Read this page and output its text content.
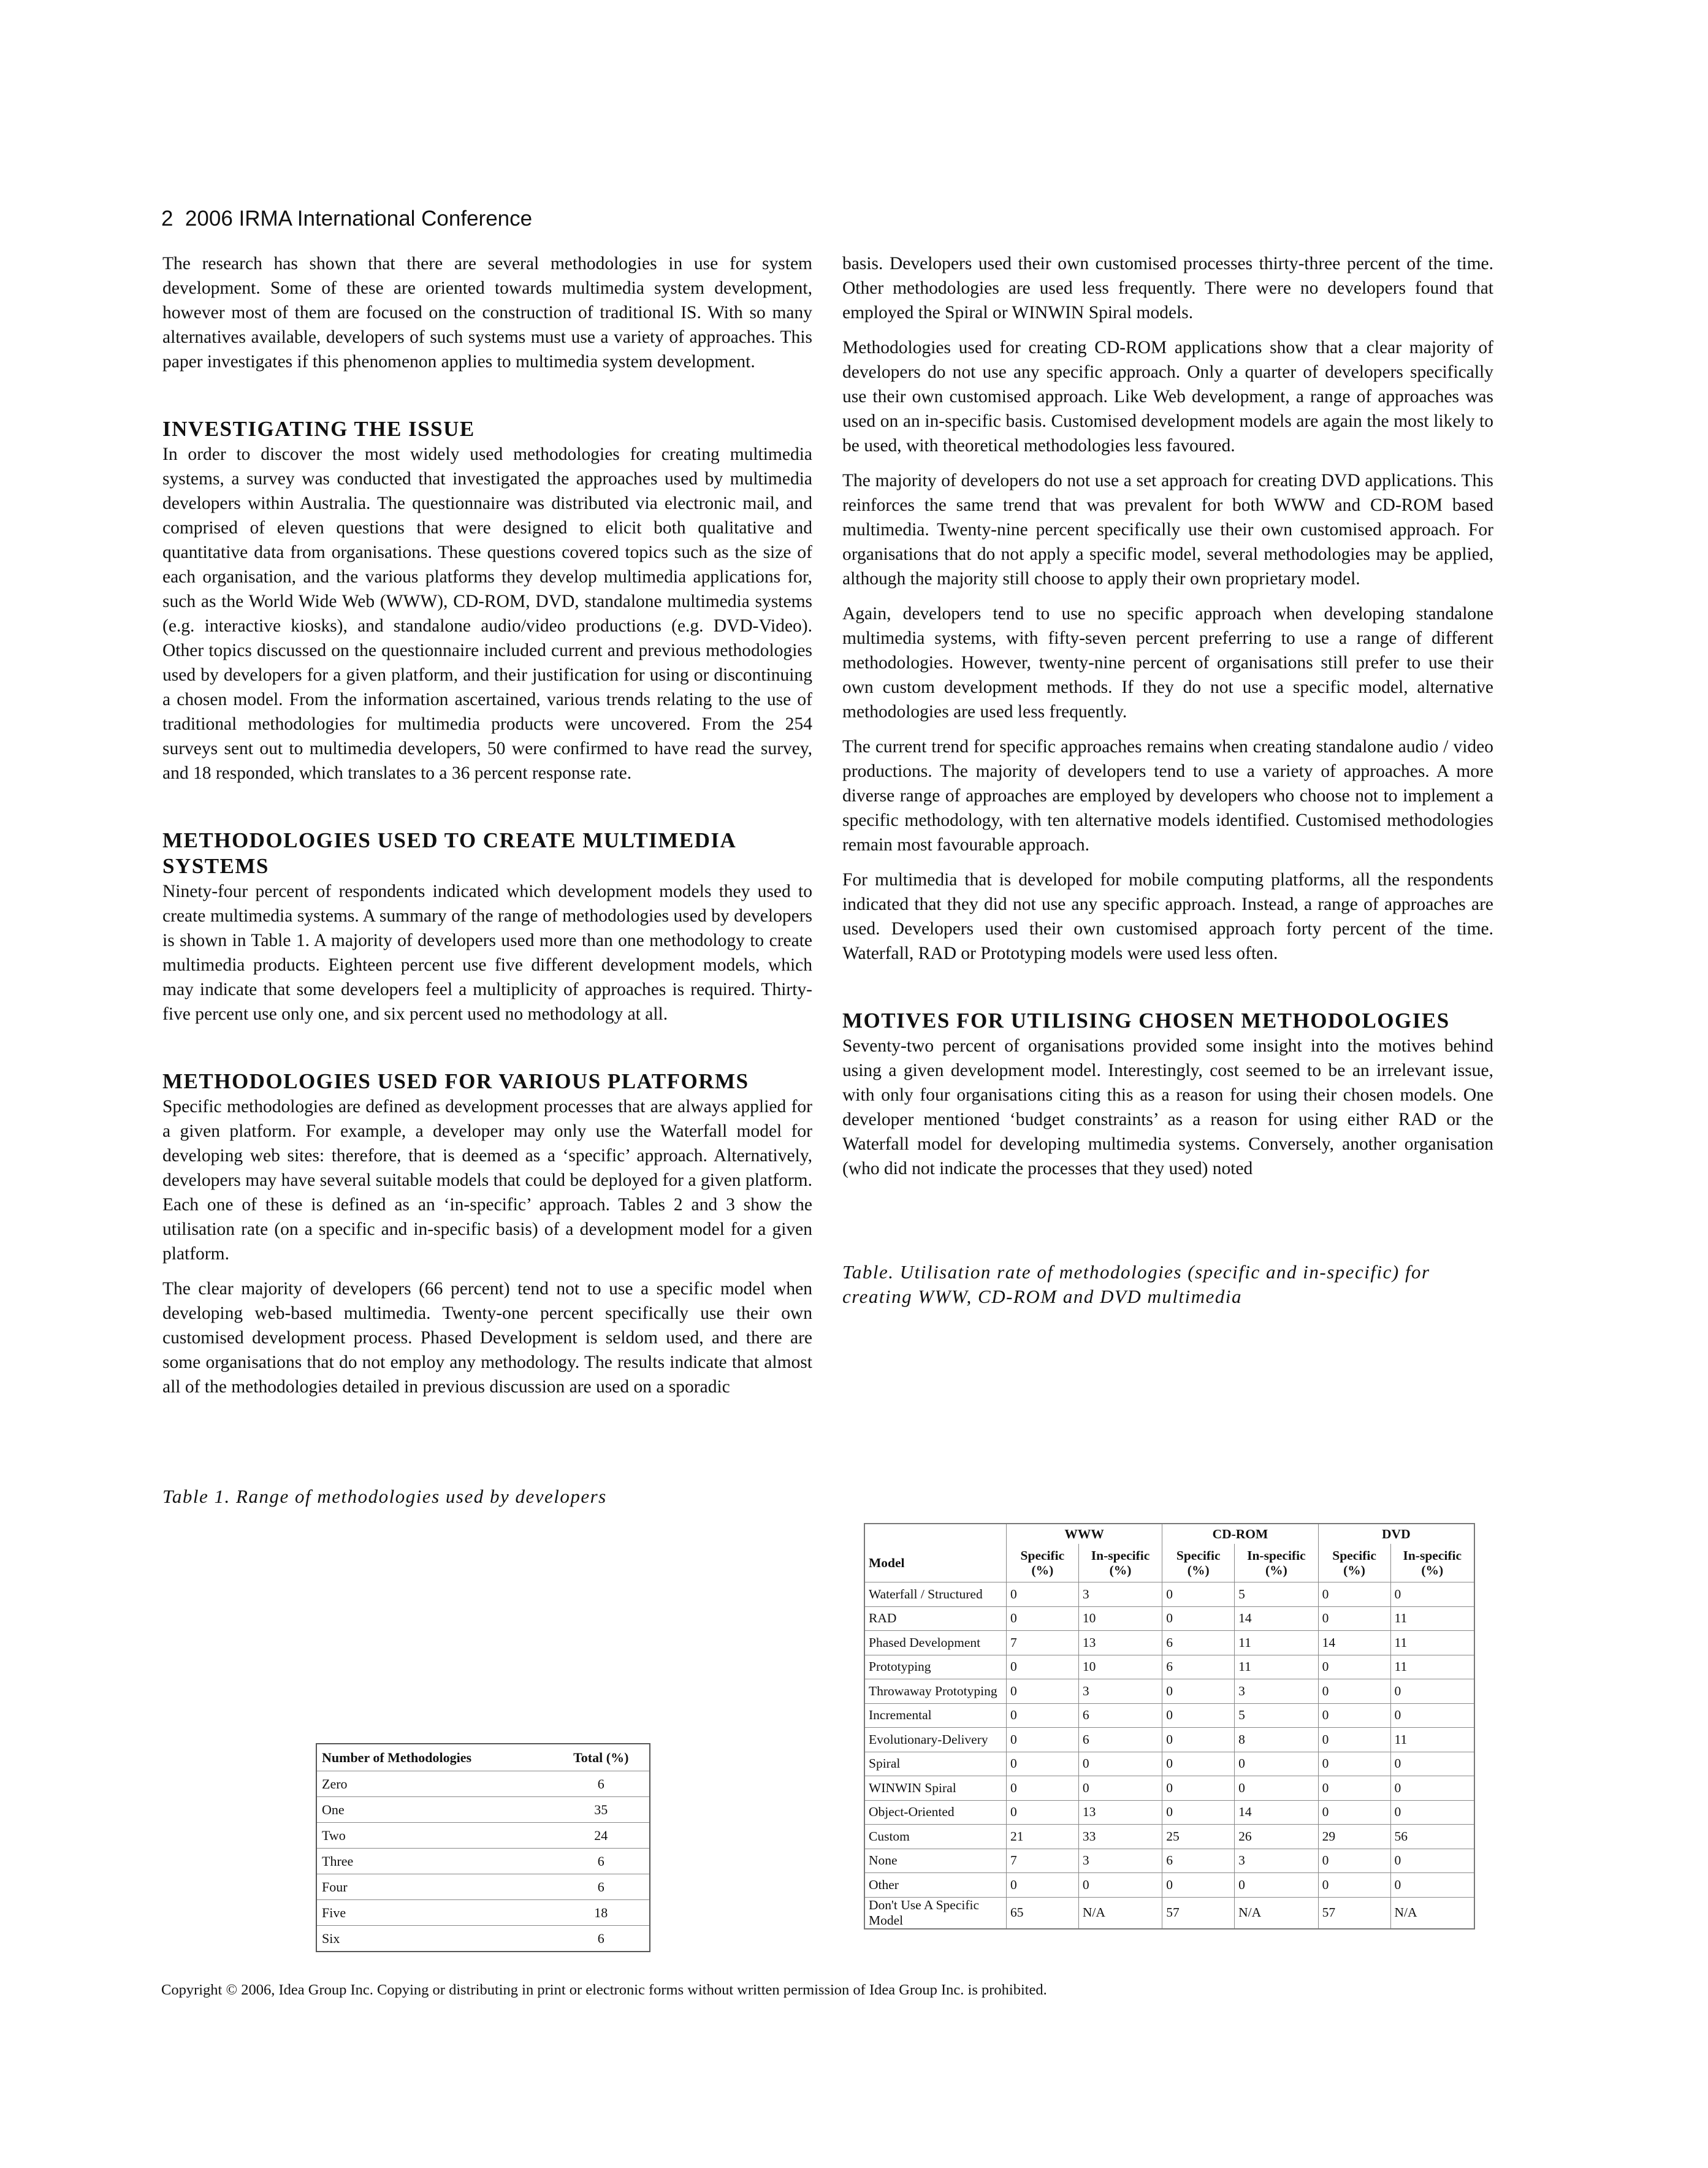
2 2006 IRMA International Conference

The research has shown that there are several methodologies in use for system development. Some of these are oriented towards multimedia system development, however most of them are focused on the construction of traditional IS. With so many alternatives available, developers of such systems must use a variety of approaches. This paper investigates if this phenomenon applies to multimedia system development.

INVESTIGATING THE ISSUE

In order to discover the most widely used methodologies for creating multimedia systems, a survey was conducted that investigated the approaches used by multimedia developers within Australia. The questionnaire was distributed via electronic mail, and comprised of eleven questions that were designed to elicit both qualitative and quantitative data from organisations. These questions covered topics such as the size of each organisation, and the various platforms they develop multimedia applications for, such as the World Wide Web (WWW), CD-ROM, DVD, standalone multimedia systems (e.g. interactive kiosks), and standalone audio/video productions (e.g. DVD-Video). Other topics discussed on the questionnaire included current and previous methodologies used by developers for a given platform, and their justification for using or discontinuing a chosen model. From the information ascertained, various trends relating to the use of traditional methodologies for multimedia products were uncovered. From the 254 surveys sent out to multimedia developers, 50 were confirmed to have read the survey, and 18 responded, which translates to a 36 percent response rate.

METHODOLOGIES USED TO CREATE MULTIMEDIA SYSTEMS

Ninety-four percent of respondents indicated which development models they used to create multimedia systems. A summary of the range of methodologies used by developers is shown in Table 1. A majority of developers used more than one methodology to create multimedia products. Eighteen percent use five different development models, which may indicate that some developers feel a multiplicity of approaches is required. Thirty-five percent use only one, and six percent used no methodology at all.

METHODOLOGIES USED FOR VARIOUS PLATFORMS

Specific methodologies are defined as development processes that are always applied for a given platform. For example, a developer may only use the Waterfall model for developing web sites: therefore, that is deemed as a ‘specific’ approach. Alternatively, developers may have several suitable models that could be deployed for a given platform. Each one of these is defined as an ‘in-specific’ approach. Tables 2 and 3 show the utilisation rate (on a specific and in-specific basis) of a development model for a given platform.

The clear majority of developers (66 percent) tend not to use a specific model when developing web-based multimedia. Twenty-one percent specifically use their own customised development process. Phased Development is seldom used, and there are some organisations that do not employ any methodology. The results indicate that almost all of the methodologies detailed in previous discussion are used on a sporadic

Table 1. Range of methodologies used by developers

Number of Methodologies	Total (%)
Zero	6
One	35
Two	24
Three	6
Four	6
Five	18
Six	6

basis. Developers used their own customised processes thirty-three percent of the time. Other methodologies are used less frequently. There were no developers found that employed the Spiral or WINWIN Spiral models.

Methodologies used for creating CD-ROM applications show that a clear majority of developers do not use any specific approach. Only a quarter of developers specifically use their own customised approach. Like Web development, a range of approaches was used on an in-specific basis. Customised development models are again the most likely to be used, with theoretical methodologies less favoured.

The majority of developers do not use a set approach for creating DVD applications. This reinforces the same trend that was prevalent for both WWW and CD-ROM based multimedia. Twenty-nine percent specifically use their own customised approach. For organisations that do not apply a specific model, several methodologies may be applied, although the majority still choose to apply their own proprietary model.

Again, developers tend to use no specific approach when developing standalone multimedia systems, with fifty-seven percent preferring to use a range of different methodologies. However, twenty-nine percent of organisations still prefer to use their own custom development methods. If they do not use a specific model, alternative methodologies are used less frequently.

The current trend for specific approaches remains when creating standalone audio / video productions. The majority of developers tend to use a variety of approaches. A more diverse range of approaches are employed by developers who choose not to implement a specific methodology, with ten alternative models identified. Customised methodologies remain most favourable approach.

For multimedia that is developed for mobile computing platforms, all the respondents indicated that they did not use any specific approach. Instead, a range of approaches are used. Developers used their own customised approach forty percent of the time. Waterfall, RAD or Prototyping models were used less often.

MOTIVES FOR UTILISING CHOSEN METHODOLOGIES

Seventy-two percent of organisations provided some insight into the motives behind using a given development model. Interestingly, cost seemed to be an irrelevant issue, with only four organisations citing this as a reason for using their chosen models. One developer mentioned ‘budget constraints’ as a reason for using either RAD or the Waterfall model for developing multimedia systems. Conversely, another organisation (who did not indicate the processes that they used) noted

Table. Utilisation rate of methodologies (specific and in-specific) for creating WWW, CD-ROM and DVD multimedia

	WWW		CD-ROM		DVD	
Model	Specific (%)	In-specific (%)	Specific (%)	In-specific (%)	Specific (%)	In-specific (%)
Waterfall / Structured	0	3	0	5	0	0
RAD	0	10	0	14	0	11
Phased Development	7	13	6	11	14	11
Prototyping	0	10	6	11	0	11
Throwaway Prototyping	0	3	0	3	0	0
Incremental	0	6	0	5	0	0
Evolutionary-Delivery	0	6	0	8	0	11
Spiral	0	0	0	0	0	0
WINWIN Spiral	0	0	0	0	0	0
Object-Oriented	0	13	0	14	0	0
Custom	21	33	25	26	29	56
None	7	3	6	3	0	0
Other	0	0	0	0	0	0
Don't Use A Specific Model	65	N/A	57	N/A	57	N/A
Copyright © 2006, Idea Group Inc. Copying or distributing in print or electronic forms without written permission of Idea Group Inc. is prohibited.
